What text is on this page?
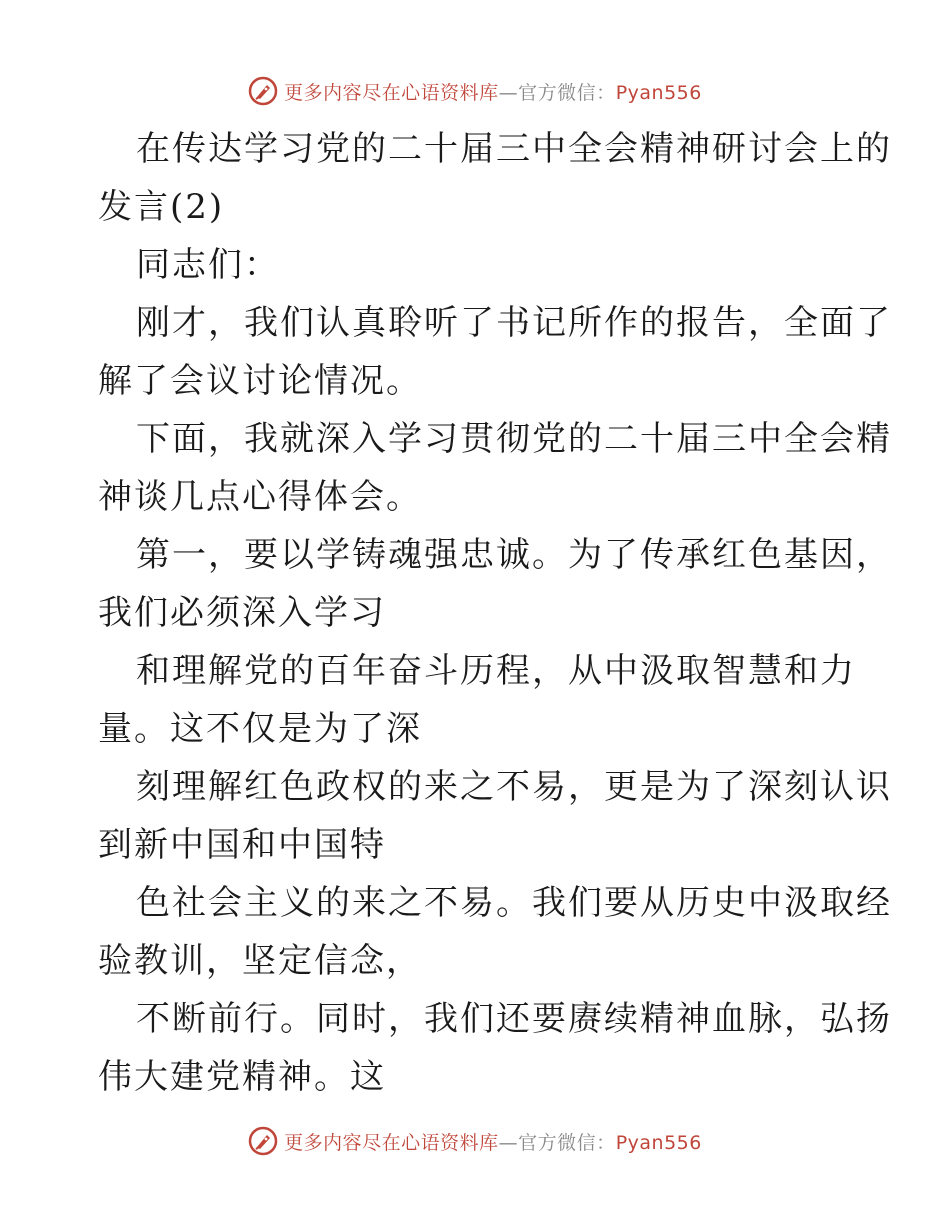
更多内容尽在心语资料库—官方微信：Pyan556
在传达学习党的二十届三中全会精神研讨会上的
发言(2)
同志们：
刚才，我们认真聆听了书记所作的报告，全面了
解了会议讨论情况。
下面，我就深入学习贯彻党的二十届三中全会精
神谈几点心得体会。
第一，要以学铸魂强忠诚。为了传承红色基因，
我们必须深入学习
和理解党的百年奋斗历程，从中汲取智慧和力
量。这不仅是为了深
刻理解红色政权的来之不易，更是为了深刻认识
到新中国和中国特
色社会主义的来之不易。我们要从历史中汲取经
验教训，坚定信念，
不断前行。同时，我们还要赓续精神血脉，弘扬
伟大建党精神。这
更多内容尽在心语资料库—官方微信：Pyan556
